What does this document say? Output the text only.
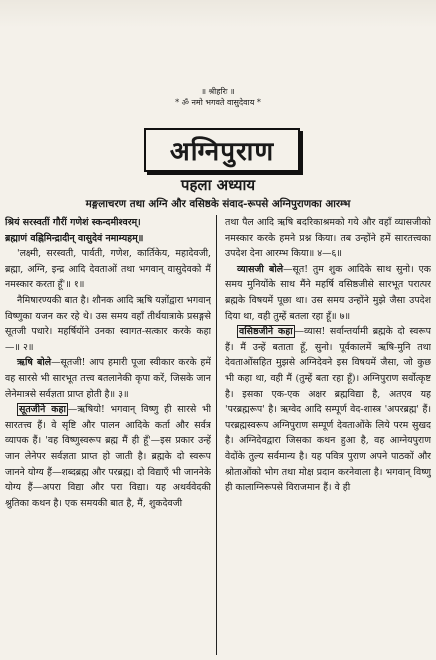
॥ श्रीहरिः ॥
* ॐ नमो भगवते वासुदेवाय *
अग्निपुराण
पहला अध्याय
मङ्गलाचरण तथा अग्नि और वसिष्ठके संवाद-रूपसे अग्निपुराणका आरम्भ

श्रियं सरस्वतीं गौरीं गणेशं स्कन्दमीश्वरम्।

ब्रह्माणं वह्निमिन्द्रादीन् वासुदेवं नमाम्यहम्॥

'लक्ष्मी, सरस्वती, पार्वती, गणेश, कार्तिकेय, महादेवजी, ब्रह्मा, अग्नि, इन्द्र आदि देवताओं तथा भगवान् वासुदेवको मैं नमस्कार करता हूँ'॥ १॥

नैमिषारण्यकी बात है। शौनक आदि ऋषि यज्ञोंद्वारा भगवान् विष्णुका यजन कर रहे थे। उस समय वहाँ तीर्थयात्राके प्रसङ्गसे सूतजी पधारे। महर्षियोंने उनका स्वागत-सत्कार करके कहा—॥ २॥

ऋषि बोले—सूतजी! आप हमारी पूजा स्वीकार करके हमें वह सारसे भी सारभूत तत्त्व बतलानेकी कृपा करें, जिसके जान लेनेमात्रसे सर्वज्ञता प्राप्त होती है॥ ३॥

सूतजीने कहा —ऋषियो! भगवान् विष्णु ही सारसे भी सारतत्त्व हैं। वे सृष्टि और पालन आदिके कर्ता और सर्वत्र व्यापक हैं। 'वह विष्णुस्वरूप ब्रह्म मैं ही हूँ'—इस प्रकार उन्हें जान लेनेपर सर्वज्ञता प्राप्त हो जाती है। ब्रह्मके दो स्वरूप जानने योग्य हैं—शब्दब्रह्म और परब्रह्म। दो विद्याएँ भी जाननेके योग्य हैं—अपरा विद्या और परा विद्या। यह अथर्ववेदकी श्रुतिका कथन है। एक समयकी बात है, मैं, शुकदेवजी

तथा पैल आदि ऋषि बदरिकाश्रमको गये और वहाँ व्यासजीको नमस्कार करके हमने प्रश्न किया। तब उन्होंने हमें सारतत्त्वका उपदेश देना आरम्भ किया॥ ४—६॥

व्यासजी बोले—सूत! तुम शुक आदिके साथ सुनो। एक समय मुनियोंके साथ मैंने महर्षि वसिष्ठजीसे सारभूत परात्पर ब्रह्मके विषयमें पूछा था। उस समय उन्होंने मुझे जैसा उपदेश दिया था, वही तुम्हें बतला रहा हूँ॥ ७॥

वसिष्ठजीने कहा —व्यास! सर्वान्तर्यामी ब्रह्मके दो स्वरूप हैं। मैं उन्हें बताता हूँ, सुनो। पूर्वकालमें ऋषि-मुनि तथा देवताओंसहित मुझसे अग्निदेवने इस विषयमें जैसा, जो कुछ भी कहा था, वही मैं (तुम्हें बता रहा हूँ)। अग्निपुराण सर्वोत्कृष्ट है। इसका एक-एक अक्षर ब्रह्मविद्या है, अतएव यह 'परब्रह्मरूप' है। ऋग्वेद आदि सम्पूर्ण वेद-शास्त्र 'अपरब्रह्म' हैं। परब्रह्मस्वरूप अग्निपुराण सम्पूर्ण देवताओंके लिये परम सुखद है। अग्निदेवद्वारा जिसका कथन हुआ है, वह आग्नेयपुराण वेदोंके तुल्य सर्वमान्य है। यह पवित्र पुराण अपने पाठकों और श्रोताओंको भोग तथा मोक्ष प्रदान करनेवाला है। भगवान् विष्णु ही कालाग्निरूपसे विराजमान हैं। वे ही
